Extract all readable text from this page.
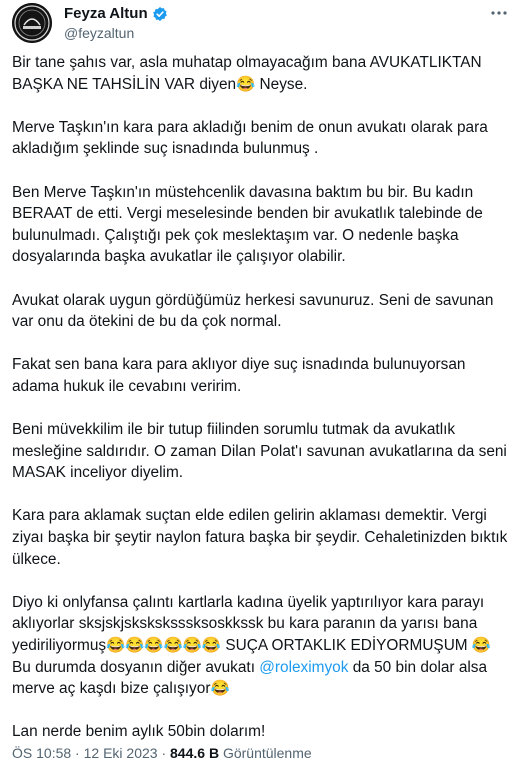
Feyza Altun
@feyzaltun

Bir tane şahıs var, asla muhatap olmayacağım bana AVUKATLIKTAN
BAŞKA NE TAHSİLİN VAR diyen😂 Neyse.

Merve Taşkın'ın kara para akladığı benim de onun avukatı olarak para
akladığım şeklinde suç isnadında bulunmuş .

Ben Merve Taşkın'ın müstehcenlik davasına baktım bu bir. Bu kadın
BERAAT de etti. Vergi meselesinde benden bir avukatlık talebinde de
bulunulmadı. Çalıştığı pek çok meslektaşım var. O nedenle başka
dosyalarında başka avukatlar ile çalışıyor olabilir.

Avukat olarak uygun gördüğümüz herkesi savunuruz. Seni de savunan
var onu da ötekini de bu da çok normal.

Fakat sen bana kara para aklıyor diye suç isnadında bulunuyorsan
adama hukuk ile cevabını veririm.

Beni müvekkilim ile bir tutup fiilinden sorumlu tutmak da avukatlık
mesleğine saldırıdır. O zaman Dilan Polat'ı savunan avukatlarına da seni
MASAK inceliyor diyelim.

Kara para aklamak suçtan elde edilen gelirin aklaması demektir. Vergi
ziyaı başka bir şeytir naylon fatura başka bir şeydir. Cehaletinizden bıktık
ülkece.

Diyo ki onlyfansa çalıntı kartlarla kadına üyelik yaptırılıyor kara parayı
aklıyorlar sksjskjsksksksssksoskkssk bu kara paranın da yarısı bana
yediriliyormuş😂😂😂😂😂😂 SUÇA ORTAKLIK EDİYORMUŞUM 😂
Bu durumda dosyanın diğer avukatı @roleximyok da 50 bin dolar alsa
merve aç kaşdı bize çalışıyor😂

Lan nerde benim aylık 50bin dolarım!

ÖS 10:58 · 12 Eki 2023 · 844.6 B Görüntülenme
